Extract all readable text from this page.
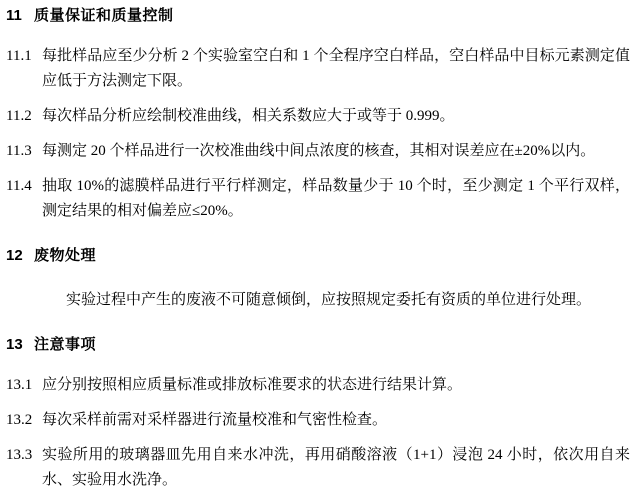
11 质量保证和质量控制
11.1 每批样品应至少分析 2 个实验室空白和 1 个全程序空白样品，空白样品中目标元素测定值应低于方法测定下限。
11.2 每次样品分析应绘制校准曲线，相关系数应大于或等于 0.999。
11.3 每测定 20 个样品进行一次校准曲线中间点浓度的核查，其相对误差应在±20%以内。
11.4 抽取 10%的滤膜样品进行平行样测定，样品数量少于 10 个时，至少测定 1 个平行双样，测定结果的相对偏差应≤20%。
12 废物处理
实验过程中产生的废液不可随意倾倒，应按照规定委托有资质的单位进行处理。
13 注意事项
13.1 应分别按照相应质量标准或排放标准要求的状态进行结果计算。
13.2 每次采样前需对采样器进行流量校准和气密性检查。
13.3 实验所用的玻璃器皿先用自来水冲洗，再用硝酸溶液（1+1）浸泡 24 小时，依次用自来水、实验用水洗净。
